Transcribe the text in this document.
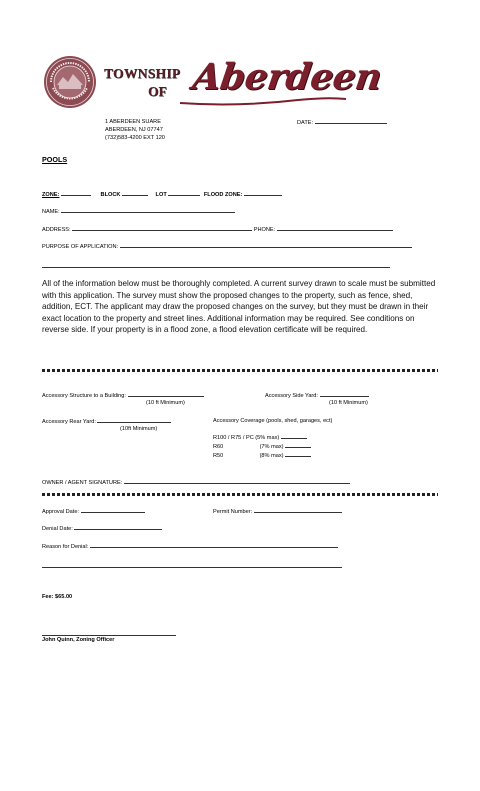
TOWNSHIP
OF Aberdeen
1 ABERDEEN SUARE
ABERDEEN, NJ 07747
(732)583-4200 EXT 120
DATE:
POOLS
ZONE:	BLOCK	LOT	FLOOD ZONE:
NAME:
ADDRESS:	PHONE:
PURPOSE OF APPLICATION:
All of the information below must be thoroughly completed. A current survey drawn to scale must be submitted with this application. The survey must show the proposed changes to the property, such as fence, shed, addition, ECT. The applicant may draw the proposed changes on the survey, but they must be drawn in their exact location to the property and street lines. Additional information may be required. See conditions on reverse side. If your property is in a flood zone, a flood elevation certificate will be required.
Accessory Structure to a Building:
(10 ft Minimum)
Accessory Side Yard:
(10 ft Minimum)
Accessory Rear Yard:
(10ft Minimum)
Accessory Coverage (pools, shed, garages, ect)
R100 / R75 / PC (5% max)
R60	(7% max)
R50	(8% max)
OWNER / AGENT SIGNATURE:
Approval Date:	Permit Number:
Denial Date:
Reason for Denial:
Fee: $65.00
John Quinn, Zoning Officer
